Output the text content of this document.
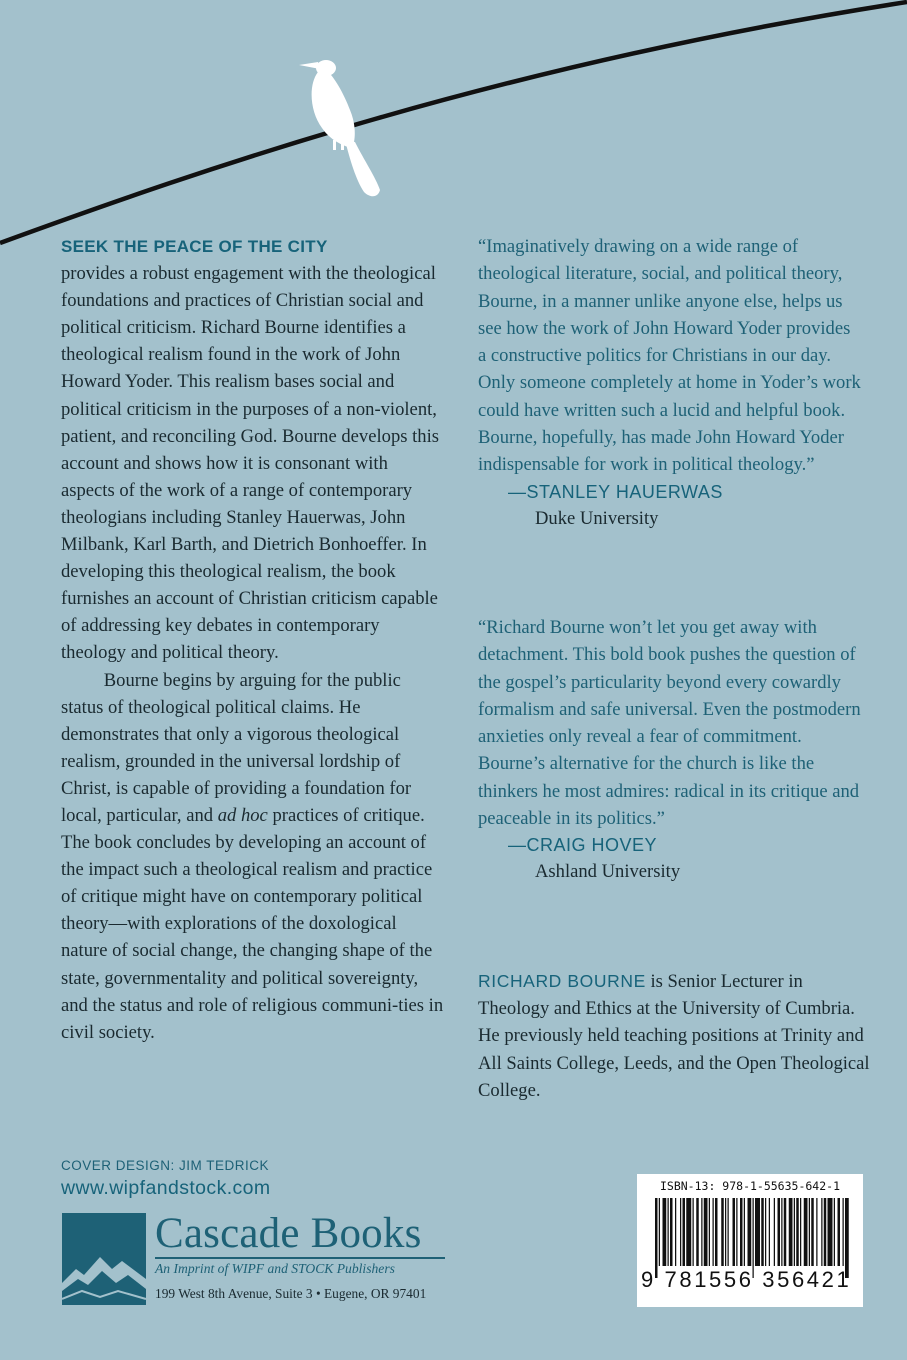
SEEK THE PEACE OF THE CITY
provides a robust engagement with the theological foundations and practices of Christian social and political criticism. Richard Bourne identifies a theological realism found in the work of John Howard Yoder. This realism bases social and political criticism in the purposes of a non-violent, patient, and reconciling God. Bourne develops this account and shows how it is consonant with aspects of the work of a range of contemporary theologians including Stanley Hauerwas, John Milbank, Karl Barth, and Dietrich Bonhoeffer. In developing this theological realism, the book furnishes an account of Christian criticism capable of addressing key debates in contemporary theology and political theory.

Bourne begins by arguing for the public status of theological political claims. He demonstrates that only a vigorous theological realism, grounded in the universal lordship of Christ, is capable of providing a foundation for local, particular, and ad hoc practices of critique. The book concludes by developing an account of the impact such a theological realism and practice of critique might have on contemporary political theory—with explorations of the doxological nature of social change, the changing shape of the state, governmentality and political sovereignty, and the status and role of religious communi-ties in civil society.

“Imaginatively drawing on a wide range of theological literature, social, and political theory, Bourne, in a manner unlike anyone else, helps us see how the work of John Howard Yoder provides a constructive politics for Christians in our day. Only someone completely at home in Yoder’s work could have written such a lucid and helpful book. Bourne, hopefully, has made John Howard Yoder indispensable for work in political theology.”
—STANLEY HAUERWAS
Duke University
“Richard Bourne won’t let you get away with detachment. This bold book pushes the question of the gospel’s particularity beyond every cowardly formalism and safe universal. Even the postmodern anxieties only reveal a fear of commitment. Bourne’s alternative for the church is like the thinkers he most admires: radical in its critique and peaceable in its politics.”
—CRAIG HOVEY
Ashland University
RICHARD BOURNE is Senior Lecturer in Theology and Ethics at the University of Cumbria. He previously held teaching positions at Trinity and All Saints College, Leeds, and the Open Theological College.
COVER DESIGN: JIM TEDRICK
www.wipfandstock.com
Cascade Books
An Imprint of WIPF and STOCK Publishers
199 West 8th Avenue, Suite 3 • Eugene, OR 97401
ISBN-13: 978-1-55635-642-1
9 781556 356421
